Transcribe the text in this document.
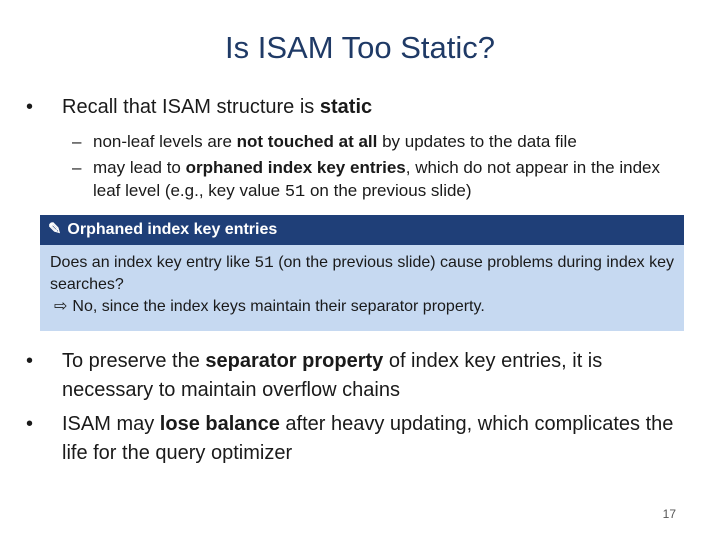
Is ISAM Too Static?
• Recall that ISAM structure is static
– non-leaf levels are not touched at all by updates to the data file
– may lead to orphaned index key entries, which do not appear in the index leaf level (e.g., key value 51 on the previous slide)
✎ Orphaned index key entries
Does an index key entry like 51 (on the previous slide) cause problems during index key searches?
⇨ No, since the index keys maintain their separator property.
• To preserve the separator property of index key entries, it is necessary to maintain overflow chains
• ISAM may lose balance after heavy updating, which complicates the life for the query optimizer
17
